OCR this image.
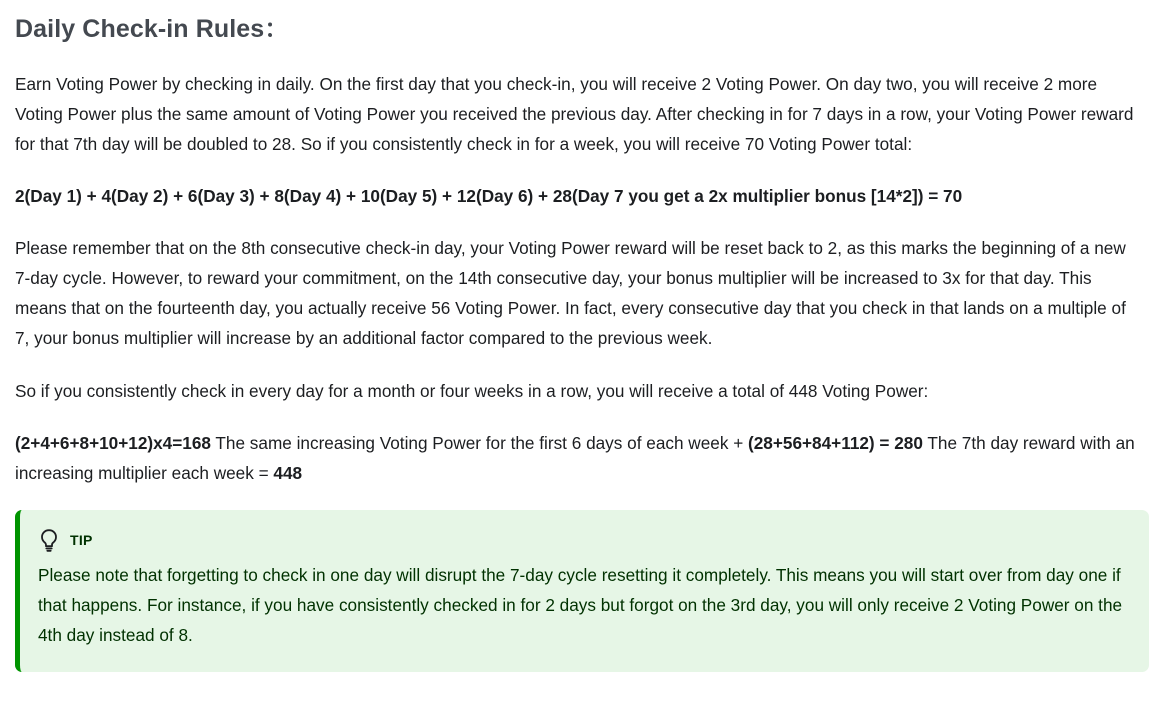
Daily Check-in Rules：

Earn Voting Power by checking in daily. On the first day that you check-in, you will receive 2 Voting Power. On day two, you will receive 2 more Voting Power plus the same amount of Voting Power you received the previous day. After checking in for 7 days in a row, your Voting Power reward for that 7th day will be doubled to 28. So if you consistently check in for a week, you will receive 70 Voting Power total:

2(Day 1) + 4(Day 2) + 6(Day 3) + 8(Day 4) + 10(Day 5) + 12(Day 6) + 28(Day 7 you get a 2x multiplier bonus [14*2]) = 70

Please remember that on the 8th consecutive check-in day, your Voting Power reward will be reset back to 2, as this marks the beginning of a new 7-day cycle. However, to reward your commitment, on the 14th consecutive day, your bonus multiplier will be increased to 3x for that day. This means that on the fourteenth day, you actually receive 56 Voting Power. In fact, every consecutive day that you check in that lands on a multiple of 7, your bonus multiplier will increase by an additional factor compared to the previous week.

So if you consistently check in every day for a month or four weeks in a row, you will receive a total of 448 Voting Power:

(2+4+6+8+10+12)x4=168 The same increasing Voting Power for the first 6 days of each week + (28+56+84+112) = 280 The 7th day reward with an increasing multiplier each week = 448

TIP
Please note that forgetting to check in one day will disrupt the 7-day cycle resetting it completely. This means you will start over from day one if that happens. For instance, if you have consistently checked in for 2 days but forgot on the 3rd day, you will only receive 2 Voting Power on the 4th day instead of 8.
